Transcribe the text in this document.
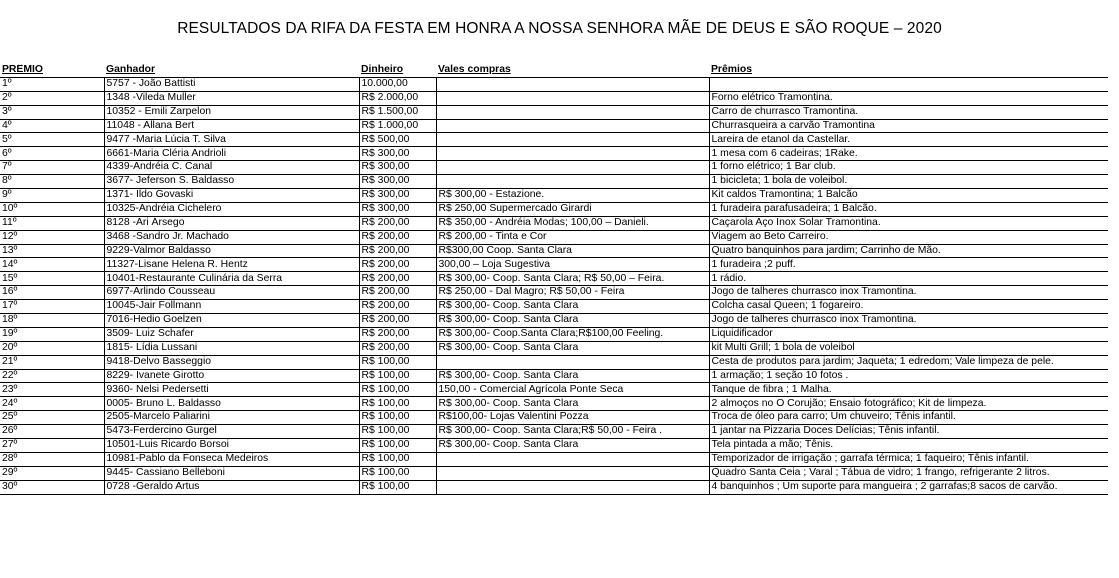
RESULTADOS DA RIFA DA FESTA EM HONRA A NOSSA SENHORA MÃE DE DEUS E SÃO ROQUE – 2020
PRÊMIO	Ganhador	Dinheiro	Vales compras	Prêmios
1º	5757 - João Battisti	10.000,00		
2º	1348 -Vileda Muller	R$ 2.000,00		Forno elétrico Tramontina.
3º	10352 - Emili Zarpelon	R$ 1.500,00		Carro de churrasco Tramontina.
4º	11048 - Allana Bert	R$ 1.000,00		Churrasqueira a carvão Tramontina
5º	9477 -Maria Lúcia T. Silva	R$ 500,00		Lareira de etanol da Castellar.
6º	6661-Maria Cléria Andrioli	R$ 300,00		1 mesa com 6 cadeiras; 1Rake.
7º	4339-Andréia C. Canal	R$ 300,00		1 forno elétrico; 1 Bar club.
8º	3677- Jeferson S. Baldasso	R$ 300,00		1 bicicleta; 1 bola de voleibol.
9º	1371- Ildo Govaski	R$ 300,00	R$ 300,00 - Estazione.	Kit caldos Tramontina; 1 Balcão
10º	10325-Andréia Cichelero	R$ 300,00	R$ 250,00 Supermercado Girardi	1 furadeira parafusadeira; 1 Balcão.
11º	8128 -Ari Ársego	R$ 200,00	R$ 350,00 - Andréia Modas; 100,00 – Danieli.	Caçarola Aço Inox Solar Tramontina.
12º	3468 -Sandro Jr. Machado	R$ 200,00	R$ 200,00 - Tinta e Cor	Viagem ao Beto Carreiro.
13º	9229-Valmor Baldasso	R$ 200,00	R$300,00 Coop. Santa Clara	Quatro banquinhos para jardim; Carrinho de Mão.
14º	11327-Lisane Helena R. Hentz	R$ 200,00	300,00 – Loja Sugestiva	1 furadeira ;2 puff.
15º	10401-Restaurante Culinária da Serra	R$ 200,00	R$ 300,00- Coop. Santa Clara; R$ 50,00 – Feira.	1 rádio.
16º	6977-Arlindo Cousseau	R$ 200,00	R$ 250,00 - Dal Magro; R$ 50,00 - Feira	Jogo de talheres churrasco inox Tramontina.
17º	10045-Jair Follmann	R$ 200,00	R$ 300,00- Coop. Santa Clara	Colcha casal Queen; 1 fogareiro.
18º	7016-Hedio Goelzen	R$ 200,00	R$ 300,00- Coop. Santa Clara	Jogo de talheres churrasco inox Tramontina.
19º	3509- Luiz Schafer	R$ 200,00	R$ 300,00- Coop.Santa Clara;R$100,00 Feeling.	Liquidificador
20º	1815- Lídia Lussani	R$ 200,00	R$ 300,00- Coop. Santa Clara	kit Multi Grill; 1 bola de voleibol
21º	9418-Delvo Basseggio	R$ 100,00		Cesta de produtos para jardim; Jaqueta; 1 edredom; Vale limpeza de pele.
22º	8229- Ivanete Girotto	R$ 100,00	R$ 300,00- Coop. Santa Clara	1 armação; 1 seção 10 fotos .
23º	9360- Nelsi Pedersetti	R$ 100,00	150,00 - Comercial Agrícola Ponte Seca	Tanque de fibra ; 1 Malha.
24º	0005- Bruno L. Baldasso	R$ 100,00	R$ 300,00- Coop. Santa Clara	2 almoços no O Corujão; Ensaio fotográfico; Kit de limpeza.
25º	2505-Marcelo Paliarini	R$ 100,00	R$100,00- Lojas Valentini Pozza	Troca de óleo para carro; Um chuveiro; Tênis infantil.
26º	5473-Ferdercino Gurgel	R$ 100,00	R$ 300,00- Coop. Santa Clara;R$ 50,00 - Feira .	1 jantar na Pizzaria Doces Delícias; Tênis infantil.
27º	10501-Luis Ricardo Borsoi	R$ 100,00	R$ 300,00- Coop. Santa Clara	Tela pintada a mão; Tênis.
28º	10981-Pablo da Fonseca Medeiros	R$ 100,00		Temporizador de irrigação ; garrafa térmica; 1 faqueiro; Tênis infantil.
29º	9445- Cassiano Belleboni	R$ 100,00		Quadro Santa Ceia ; Varal ; Tábua de vidro; 1 frango, refrigerante 2 litros.
30º	0728 -Geraldo Artus	R$ 100,00		4 banquinhos ; Um suporte para mangueira ; 2 garrafas;8 sacos de carvão.
